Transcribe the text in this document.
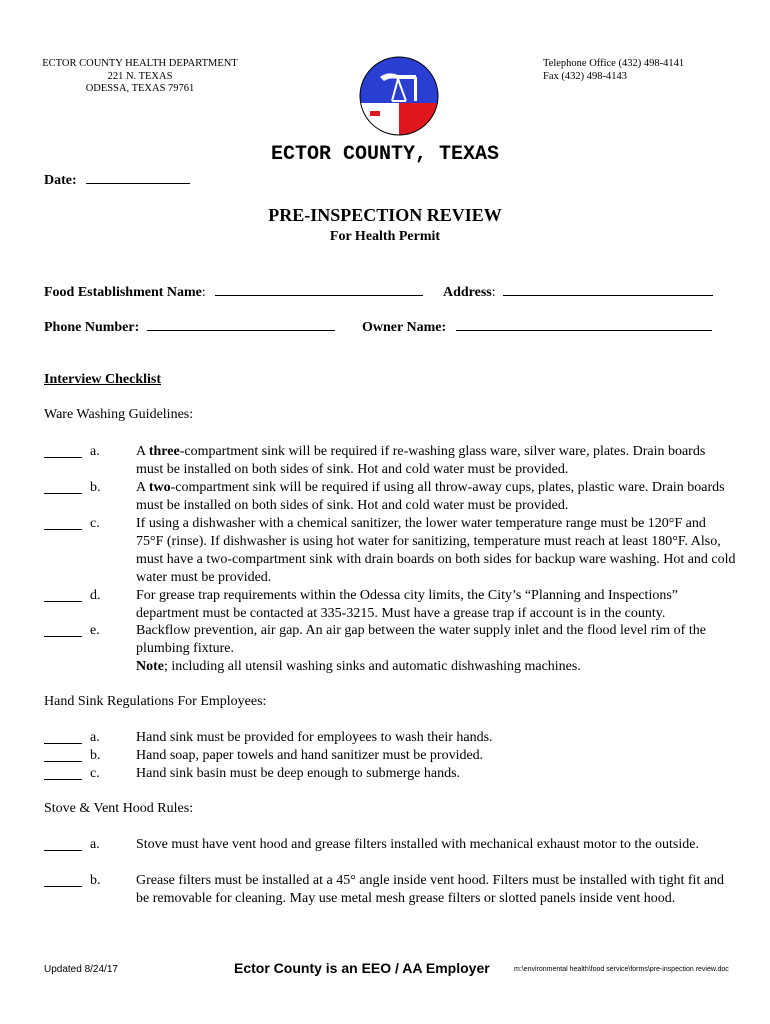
ECTOR COUNTY HEALTH DEPARTMENT
221 N. TEXAS
ODESSA, TEXAS 79761
Telephone Office (432) 498-4141
Fax (432) 498-4143
ECTOR COUNTY, TEXAS
Date:
PRE-INSPECTION REVIEW
For Health Permit
Food Establishment Name:	Address:
Phone Number:	Owner Name:
Interview Checklist
Ware Washing Guidelines:
a.	A three-compartment sink will be required if re-washing glass ware, silver ware, plates. Drain boards must be installed on both sides of sink. Hot and cold water must be provided.
b.	A two-compartment sink will be required if using all throw-away cups, plates, plastic ware. Drain boards must be installed on both sides of sink. Hot and cold water must be provided.
c.	If using a dishwasher with a chemical sanitizer, the lower water temperature range must be 120°F and 75°F (rinse). If dishwasher is using hot water for sanitizing, temperature must reach at least 180°F. Also, must have a two-compartment sink with drain boards on both sides for backup ware washing. Hot and cold water must be provided.
d.	For grease trap requirements within the Odessa city limits, the City’s “Planning and Inspections” department must be contacted at 335-3215. Must have a grease trap if account is in the county.
e.	Backflow prevention, air gap. An air gap between the water supply inlet and the flood level rim of the plumbing fixture.
Note; including all utensil washing sinks and automatic dishwashing machines.
Hand Sink Regulations For Employees:
a.	Hand sink must be provided for employees to wash their hands.
b.	Hand soap, paper towels and hand sanitizer must be provided.
c.	Hand sink basin must be deep enough to submerge hands.
Stove & Vent Hood Rules:
a.	Stove must have vent hood and grease filters installed with mechanical exhaust motor to the outside.
b.	Grease filters must be installed at a 45° angle inside vent hood. Filters must be installed with tight fit and be removable for cleaning. May use metal mesh grease filters or slotted panels inside vent hood.
Updated 8/24/17	Ector County is an EEO / AA Employer	m:\environmental health\food service\forms\pre-inspection review.doc
